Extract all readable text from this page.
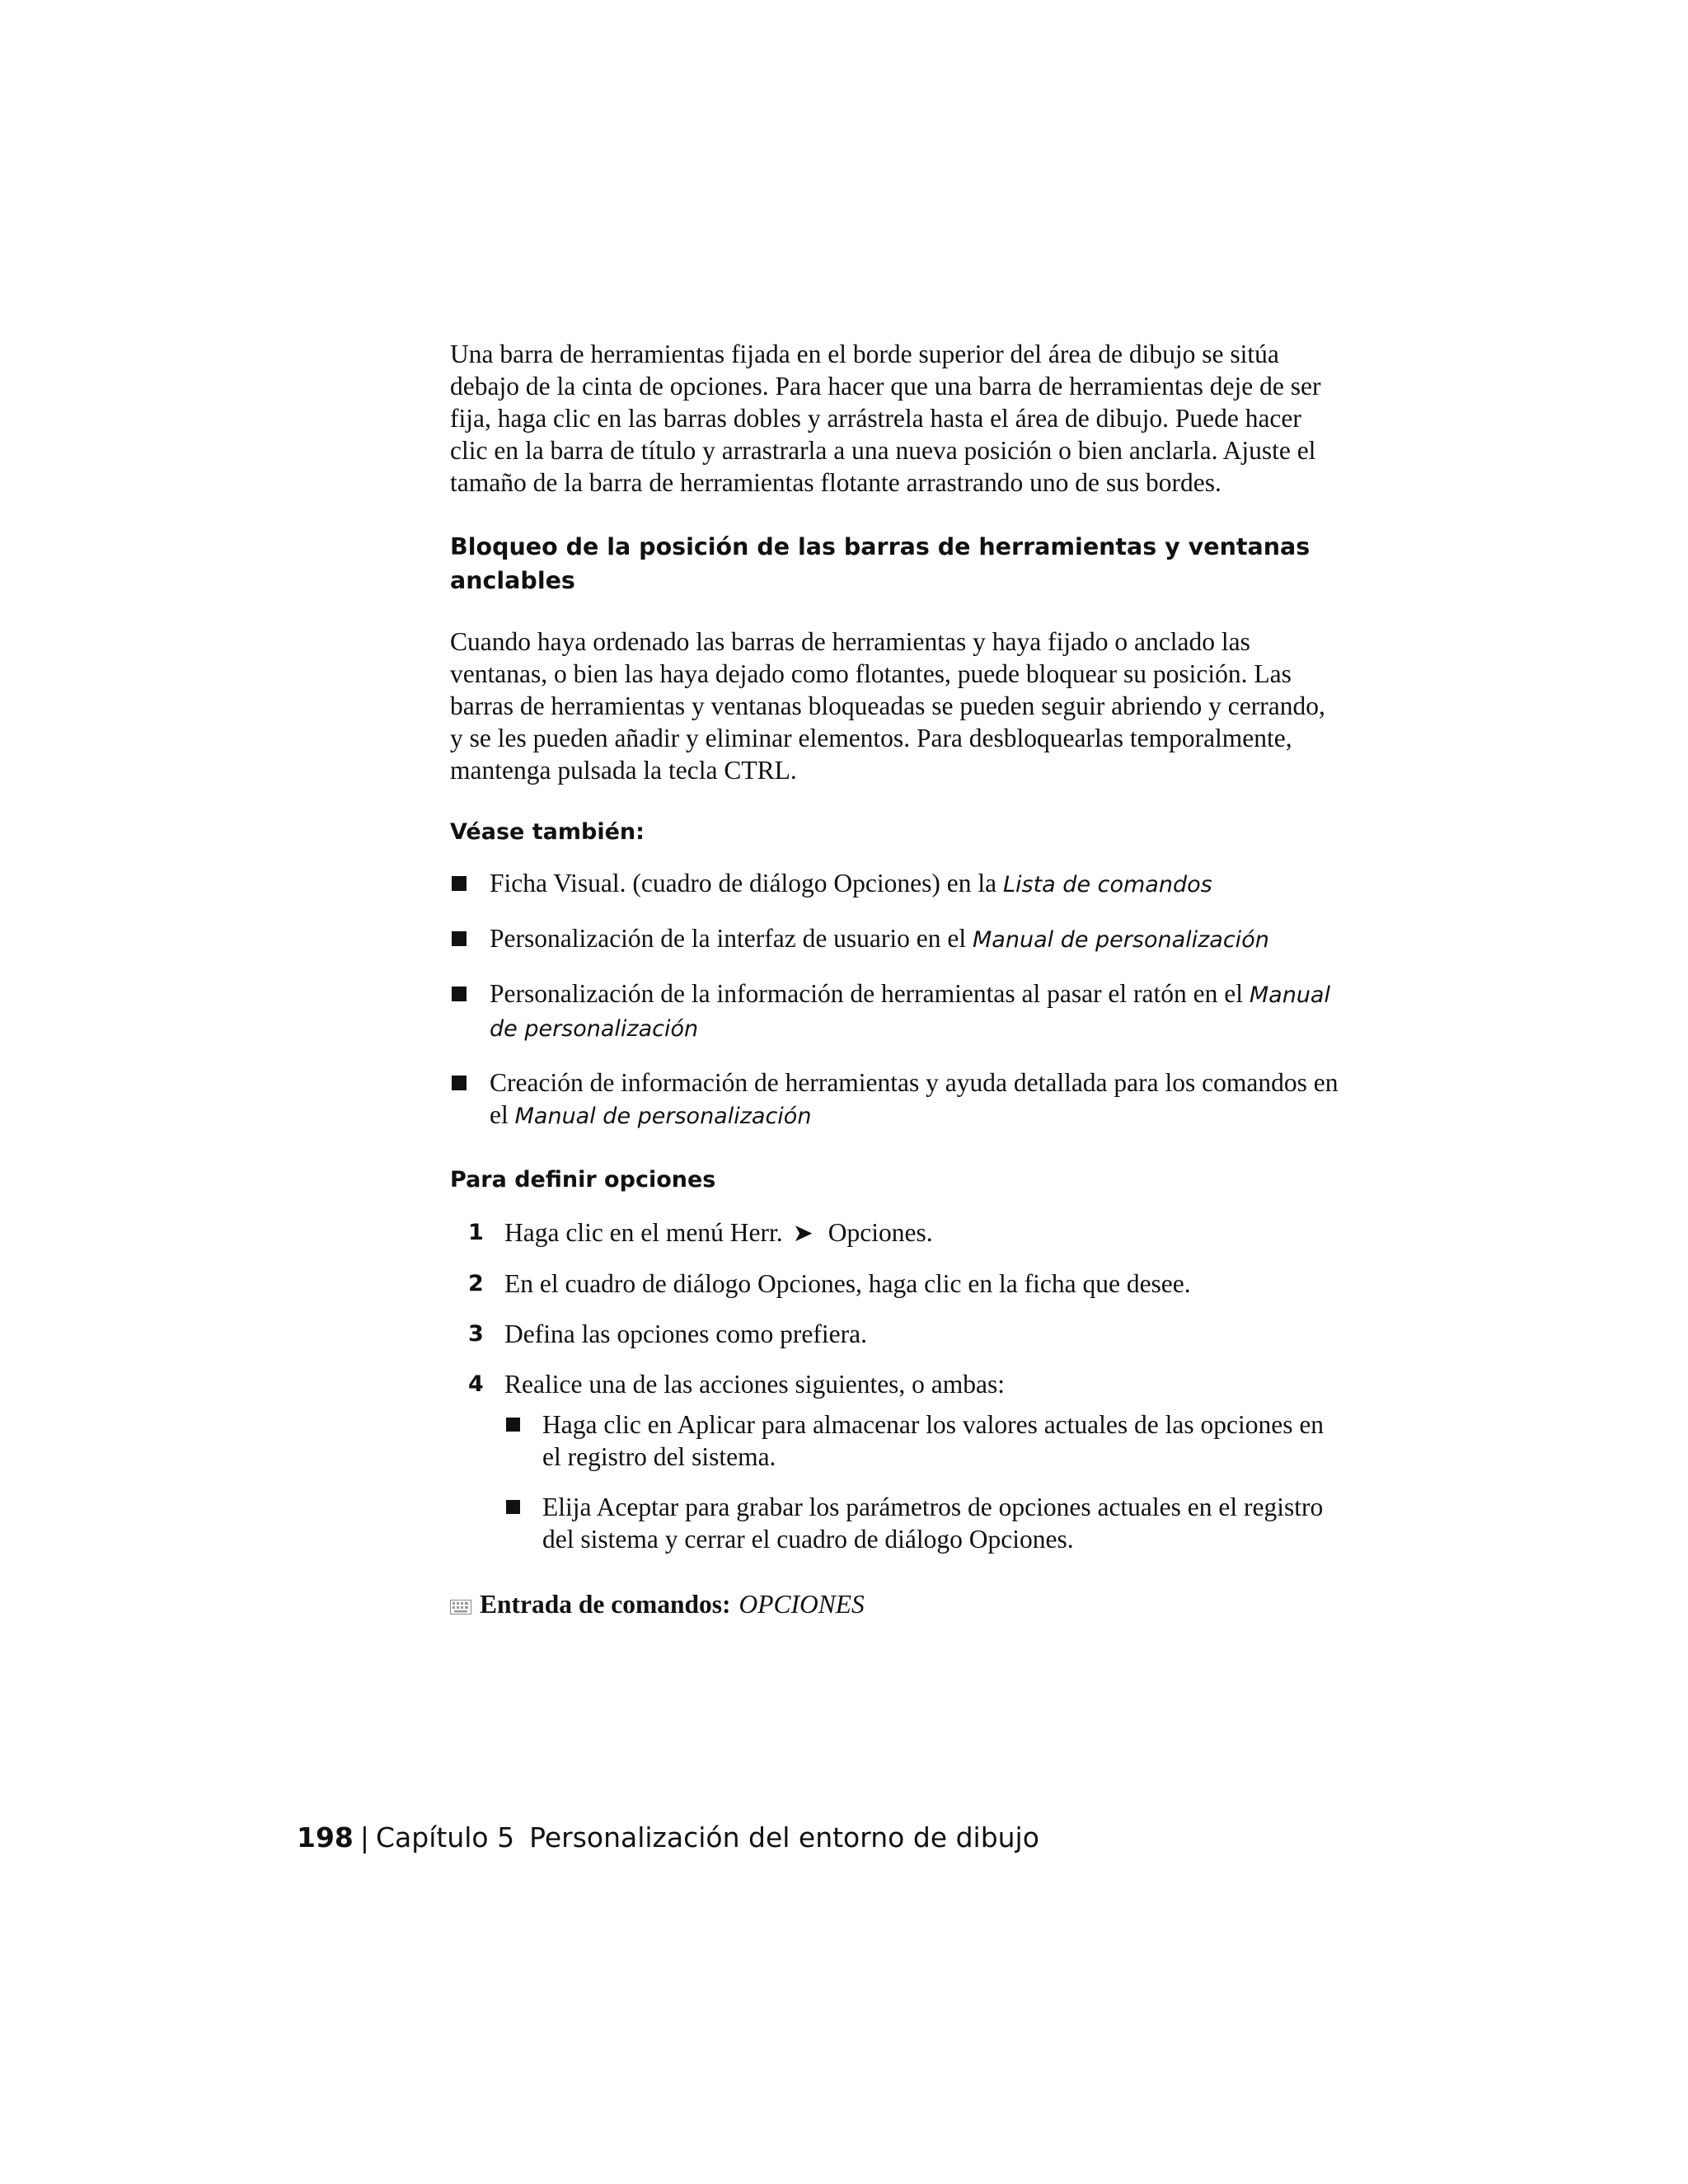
Una barra de herramientas fijada en el borde superior del área de dibujo se sitúa debajo de la cinta de opciones. Para hacer que una barra de herramientas deje de ser fija, haga clic en las barras dobles y arrástrela hasta el área de dibujo. Puede hacer clic en la barra de título y arrastrarla a una nueva posición o bien anclarla. Ajuste el tamaño de la barra de herramientas flotante arrastrando uno de sus bordes.

Bloqueo de la posición de las barras de herramientas y ventanas anclables

Cuando haya ordenado las barras de herramientas y haya fijado o anclado las ventanas, o bien las haya dejado como flotantes, puede bloquear su posición. Las barras de herramientas y ventanas bloqueadas se pueden seguir abriendo y cerrando, y se les pueden añadir y eliminar elementos. Para desbloquearlas temporalmente, mantenga pulsada la tecla CTRL.

Véase también:
Ficha Visual. (cuadro de diálogo Opciones) en la Lista de comandos
Personalización de la interfaz de usuario en el Manual de personalización
Personalización de la información de herramientas al pasar el ratón en el Manual de personalización
Creación de información de herramientas y ayuda detallada para los comandos en el Manual de personalización
Para definir opciones
1 Haga clic en el menú Herr. ➤ Opciones.
2 En el cuadro de diálogo Opciones, haga clic en la ficha que desee.
3 Defina las opciones como prefiera.
4 Realice una de las acciones siguientes, o ambas:
Haga clic en Aplicar para almacenar los valores actuales de las opciones en el registro del sistema.
Elija Aceptar para grabar los parámetros de opciones actuales en el registro del sistema y cerrar el cuadro de diálogo Opciones.
Entrada de comandos: OPCIONES
198 | Capítulo 5 Personalización del entorno de dibujo
